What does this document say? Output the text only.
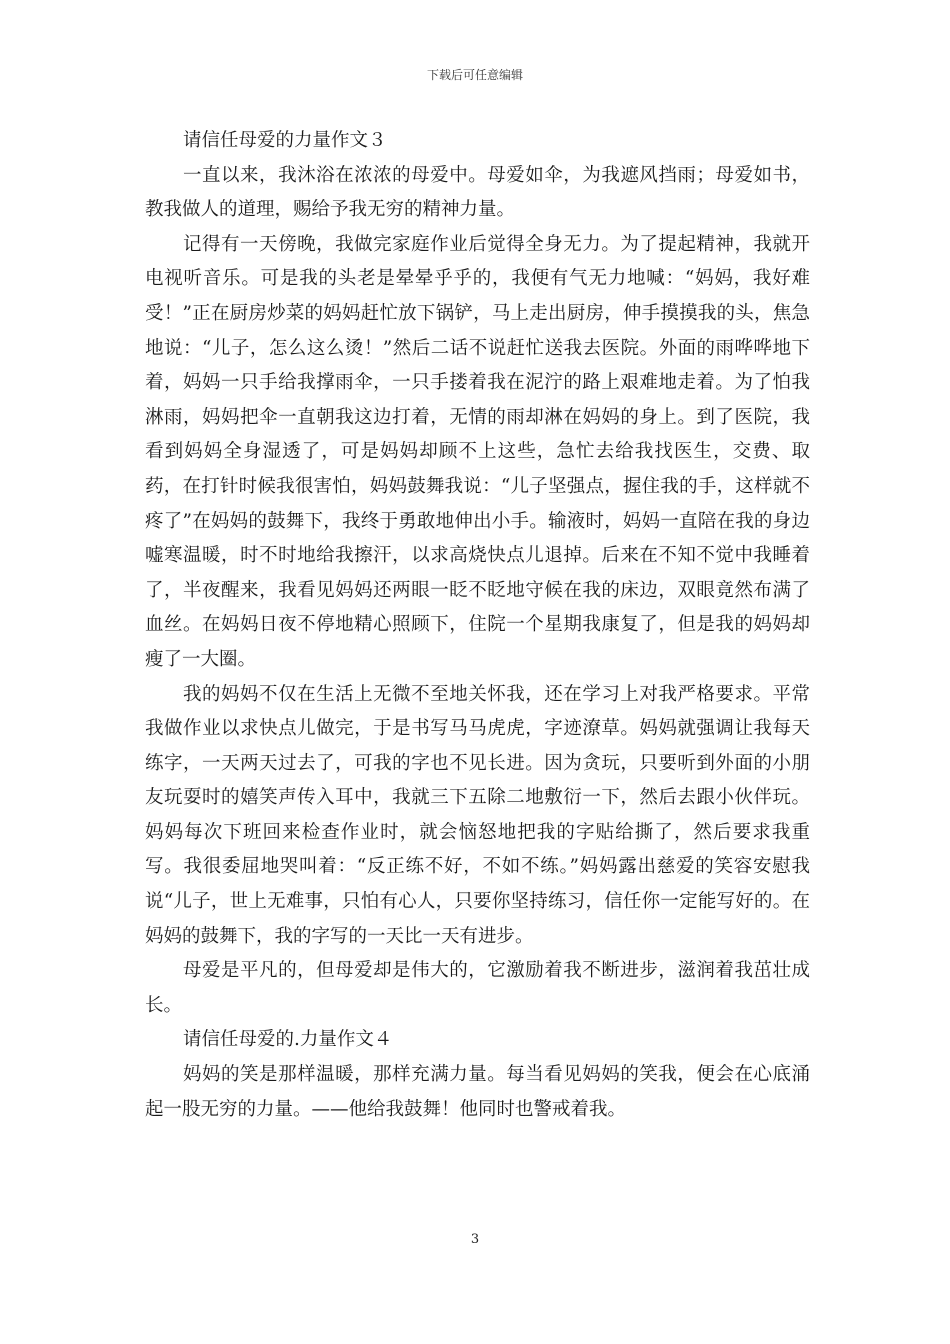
下载后可任意编辑

请信任母爱的力量作文３

一直以来，我沐浴在浓浓的母爱中。母爱如伞，为我遮风挡雨；母爱如书，教我做人的道理，赐给予我无穷的精神力量。

记得有一天傍晚，我做完家庭作业后觉得全身无力。为了提起精神，我就开电视听音乐。可是我的头老是晕晕乎乎的，我便有气无力地喊：“妈妈，我好难受！”正在厨房炒菜的妈妈赶忙放下锅铲，马上走出厨房，伸手摸摸我的头，焦急地说：“儿子，怎么这么烫！”然后二话不说赶忙送我去医院。外面的雨哗哗地下着，妈妈一只手给我撑雨伞，一只手搂着我在泥泞的路上艰难地走着。为了怕我淋雨，妈妈把伞一直朝我这边打着，无情的雨却淋在妈妈的身上。到了医院，我看到妈妈全身湿透了，可是妈妈却顾不上这些，急忙去给我找医生，交费、取药，在打针时候我很害怕，妈妈鼓舞我说：“儿子坚强点，握住我的手，这样就不疼了”在妈妈的鼓舞下，我终于勇敢地伸出小手。输液时，妈妈一直陪在我的身边嘘寒温暖，时不时地给我擦汗，以求高烧快点儿退掉。后来在不知不觉中我睡着了，半夜醒来，我看见妈妈还两眼一眨不眨地守候在我的床边，双眼竟然布满了血丝。在妈妈日夜不停地精心照顾下，住院一个星期我康复了，但是我的妈妈却瘦了一大圈。

我的妈妈不仅在生活上无微不至地关怀我，还在学习上对我严格要求。平常我做作业以求快点儿做完，于是书写马马虎虎，字迹潦草。妈妈就强调让我每天练字，一天两天过去了，可我的字也不见长进。因为贪玩，只要听到外面的小朋友玩耍时的嬉笑声传入耳中，我就三下五除二地敷衍一下，然后去跟小伙伴玩。妈妈每次下班回来检查作业时，就会恼怒地把我的字贴给撕了，然后要求我重写。我很委屈地哭叫着：“反正练不好，不如不练。”妈妈露出慈爱的笑容安慰我说“儿子，世上无难事，只怕有心人，只要你坚持练习，信任你一定能写好的。在妈妈的鼓舞下，我的字写的一天比一天有进步。

母爱是平凡的，但母爱却是伟大的，它激励着我不断进步，滋润着我茁壮成长。

请信任母爱的.力量作文４

妈妈的笑是那样温暖，那样充满力量。每当看见妈妈的笑我，便会在心底涌起一股无穷的力量。——他给我鼓舞！他同时也警戒着我。

3
